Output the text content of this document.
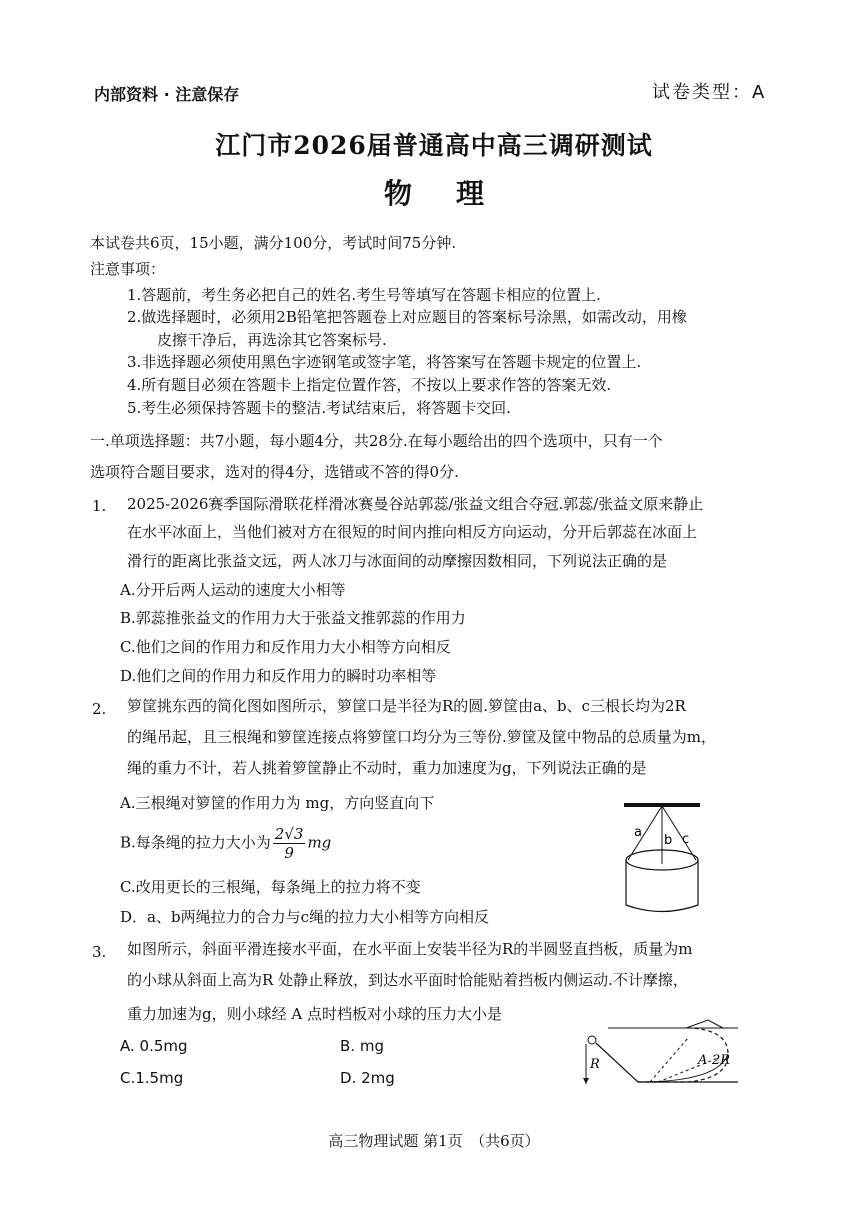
内部资料 · 注意保存	试卷类型：A
江门市2026届普通高中高三调研测试
物理
本试卷共6页，15小题，满分100分，考试时间75分钟.
注意事项：
1.答题前，考生务必把自己的姓名.考生号等填写在答题卡相应的位置上.
2.做选择题时，必须用2B铅笔把答题卷上对应题目的答案标号涂黑，如需改动，用橡
皮擦干净后，再选涂其它答案标号.
3.非选择题必须使用黑色字迹钢笔或签字笔，将答案写在答题卡规定的位置上.
4.所有题目必须在答题卡上指定位置作答，不按以上要求作答的答案无效.
5.考生必须保持答题卡的整洁.考试结束后，将答题卡交回.
一.单项选择题：共7小题，每小题4分，共28分.在每小题给出的四个选项中，只有一个
选项符合题目要求，选对的得4分，选错或不答的得0分.
1. 2025-2026赛季国际滑联花样滑冰赛曼谷站郭蕊/张益文组合夺冠.郭蕊/张益文原来静止
在水平冰面上，当他们被对方在很短的时间内推向相反方向运动，分开后郭蕊在冰面上
滑行的距离比张益文远，两人冰刀与冰面间的动摩擦因数相同，下列说法正确的是
A.分开后两人运动的速度大小相等
B.郭蕊推张益文的作用力大于张益文推郭蕊的作用力
C.他们之间的作用力和反作用力大小相等方向相反
D.他们之间的作用力和反作用力的瞬时功率相等
2. 箩筐挑东西的简化图如图所示，箩筐口是半径为R的圆.箩筐由a、b、c三根长均为2R
的绳吊起，且三根绳和箩筐连接点将箩筐口均分为三等份.箩筐及筐中物品的总质量为m，
绳的重力不计，若人挑着箩筐静止不动时，重力加速度为g，下列说法正确的是
A.三根绳对箩筐的作用力为 mg，方向竖直向下
B.每条绳的拉力大小为 $\frac{2√3}{9}$ mg
C.改用更长的三根绳，每条绳上的拉力将不变
D．a、b两绳拉力的合力与c绳的拉力大小相等方向相反
a
b c
3. 如图所示，斜面平滑连接水平面，在水平面上安装半径为R的半圆竖直挡板，质量为m
的小球从斜面上高为R 处静止释放，到达水平面时恰能贴着挡板内侧运动.不计摩擦，
重力加速为g，则小球经 A 点时档板对小球的压力大小是
A. 0.5mg	B. mg
C.1.5mg	D. 2mg
R	A 2R
高三物理试题 第1页　（共6页）
